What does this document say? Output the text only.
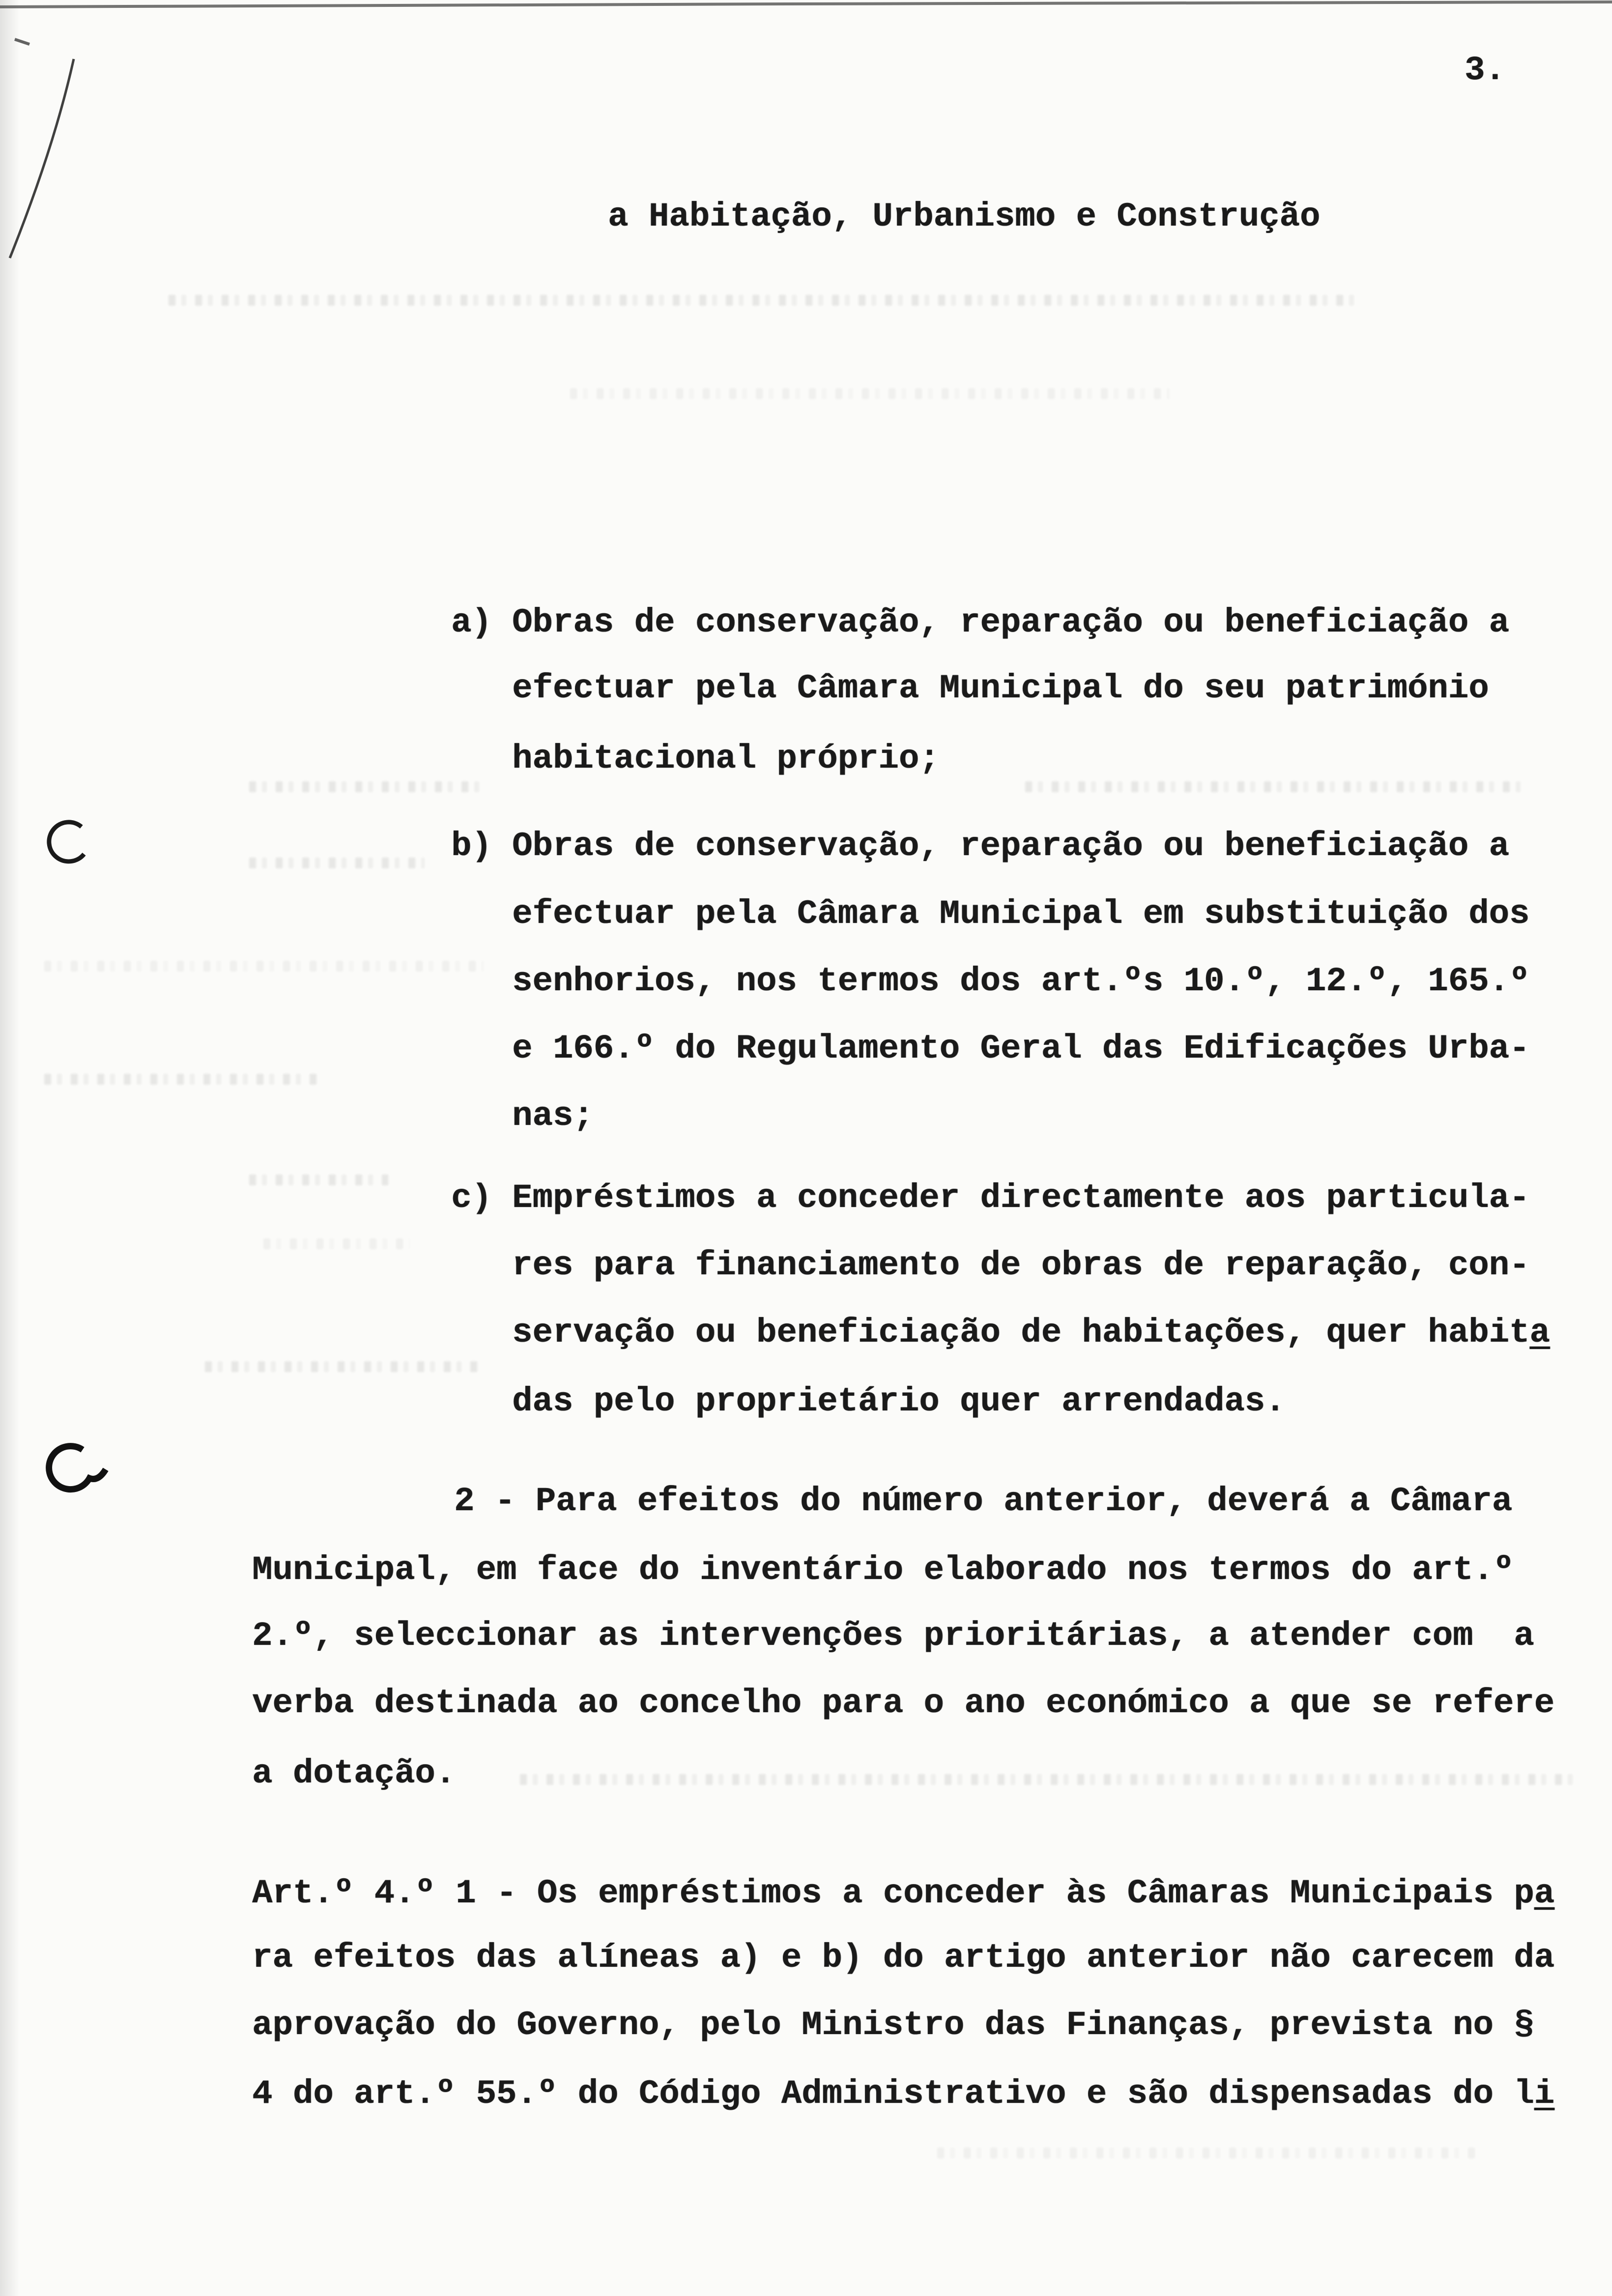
3.
a Habitação, Urbanismo e Construção
a) Obras de conservação, reparação ou beneficiação a
efectuar pela Câmara Municipal do seu património
habitacional próprio;
b) Obras de conservação, reparação ou beneficiação a
efectuar pela Câmara Municipal em substituição dos
senhorios, nos termos dos art.ºs 10.º, 12.º, 165.º
e 166.º do Regulamento Geral das Edificações Urba-
nas;
c) Empréstimos a conceder directamente aos particula-
res para financiamento de obras de reparação, con-
servação ou beneficiação de habitações, quer habita
das pelo proprietário quer arrendadas.
2 - Para efeitos do número anterior, deverá a Câmara
Municipal, em face do inventário elaborado nos termos do art.º
2.º, seleccionar as intervenções prioritárias, a atender com  a
verba destinada ao concelho para o ano económico a que se refere
a dotação.
Art.º 4.º 1 - Os empréstimos a conceder às Câmaras Municipais pa
ra efeitos das alíneas a) e b) do artigo anterior não carecem da
aprovação do Governo, pelo Ministro das Finanças, prevista no §
4 do art.º 55.º do Código Administrativo e são dispensadas do li
